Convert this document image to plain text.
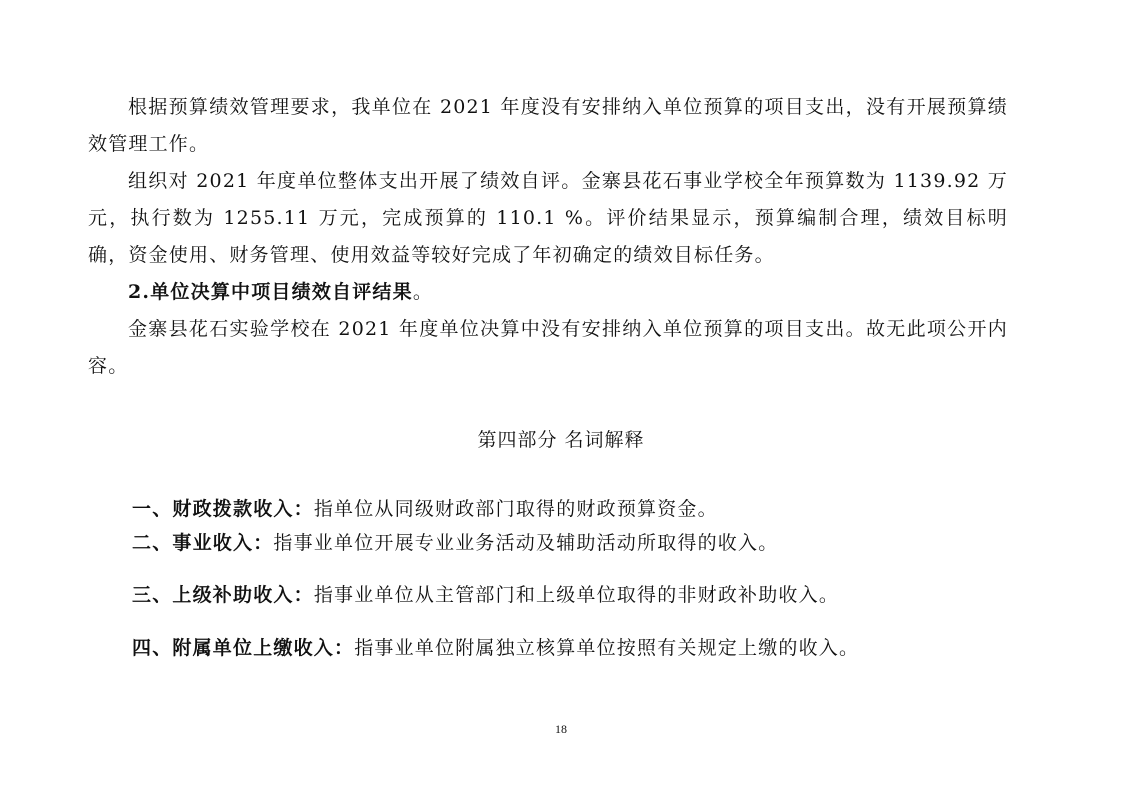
根据预算绩效管理要求，我单位在 2021 年度没有安排纳入单位预算的项目支出，没有开展预算绩效管理工作。

组织对 2021 年度单位整体支出开展了绩效自评。金寨县花石事业学校全年预算数为 1139.92 万元，执行数为 1255.11 万元，完成预算的 110.1 %。评价结果显示，预算编制合理，绩效目标明确，资金使用、财务管理、使用效益等较好完成了年初确定的绩效目标任务。

2.单位决算中项目绩效自评结果。

金寨县花石实验学校在 2021 年度单位决算中没有安排纳入单位预算的项目支出。故无此项公开内容。

第四部分 名词解释

一、财政拨款收入：指单位从同级财政部门取得的财政预算资金。

二、事业收入：指事业单位开展专业业务活动及辅助活动所取得的收入。

三、上级补助收入：指事业单位从主管部门和上级单位取得的非财政补助收入。

四、附属单位上缴收入：指事业单位附属独立核算单位按照有关规定上缴的收入。

18
